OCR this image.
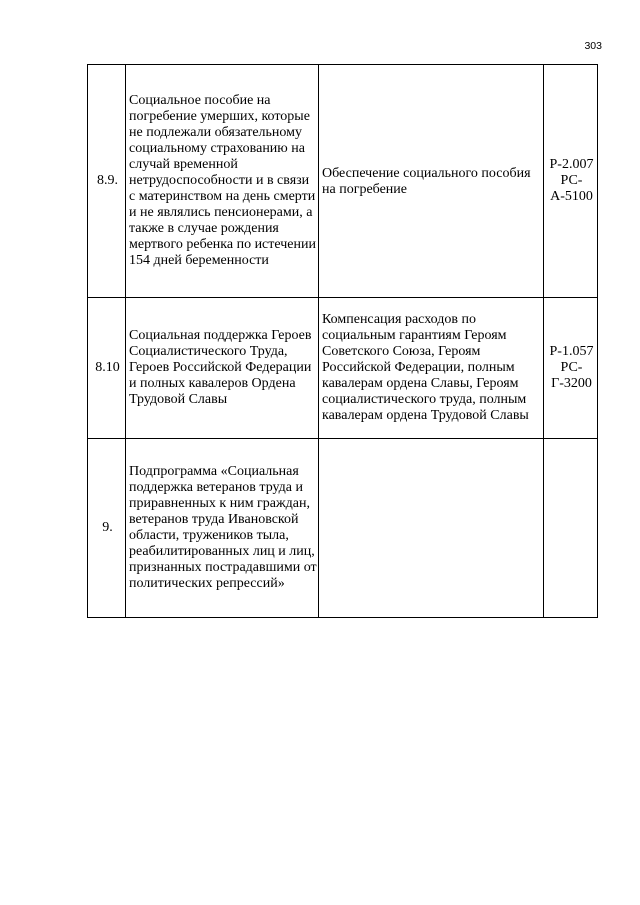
303
8.9.	Социальное пособие на погребение умерших, которые не подлежали обязательному социальному страхованию на случай временной нетрудоспособности и в связи с материнством на день смерти и не являлись пенсионерами, а также в случае рождения мертвого ребенка по истечении 154 дней беременности	Обеспечение социального пособия на погребение	Р-2.007 РС-А-5100
8.10	Социальная поддержка Героев Социалистического Труда, Героев Российской Федерации и полных кавалеров Ордена Трудовой Славы	Компенсация расходов по социальным гарантиям Героям Советского Союза, Героям Российской Федерации, полным кавалерам ордена Славы, Героям социалистического труда, полным кавалерам ордена Трудовой Славы	Р-1.057 РС-Г-3200
9.	Подпрограмма «Социальная поддержка ветеранов труда и приравненных к ним граждан, ветеранов труда Ивановской области, тружеников тыла, реабилитированных лиц и лиц, признанных пострадавшими от политических репрессий»		
